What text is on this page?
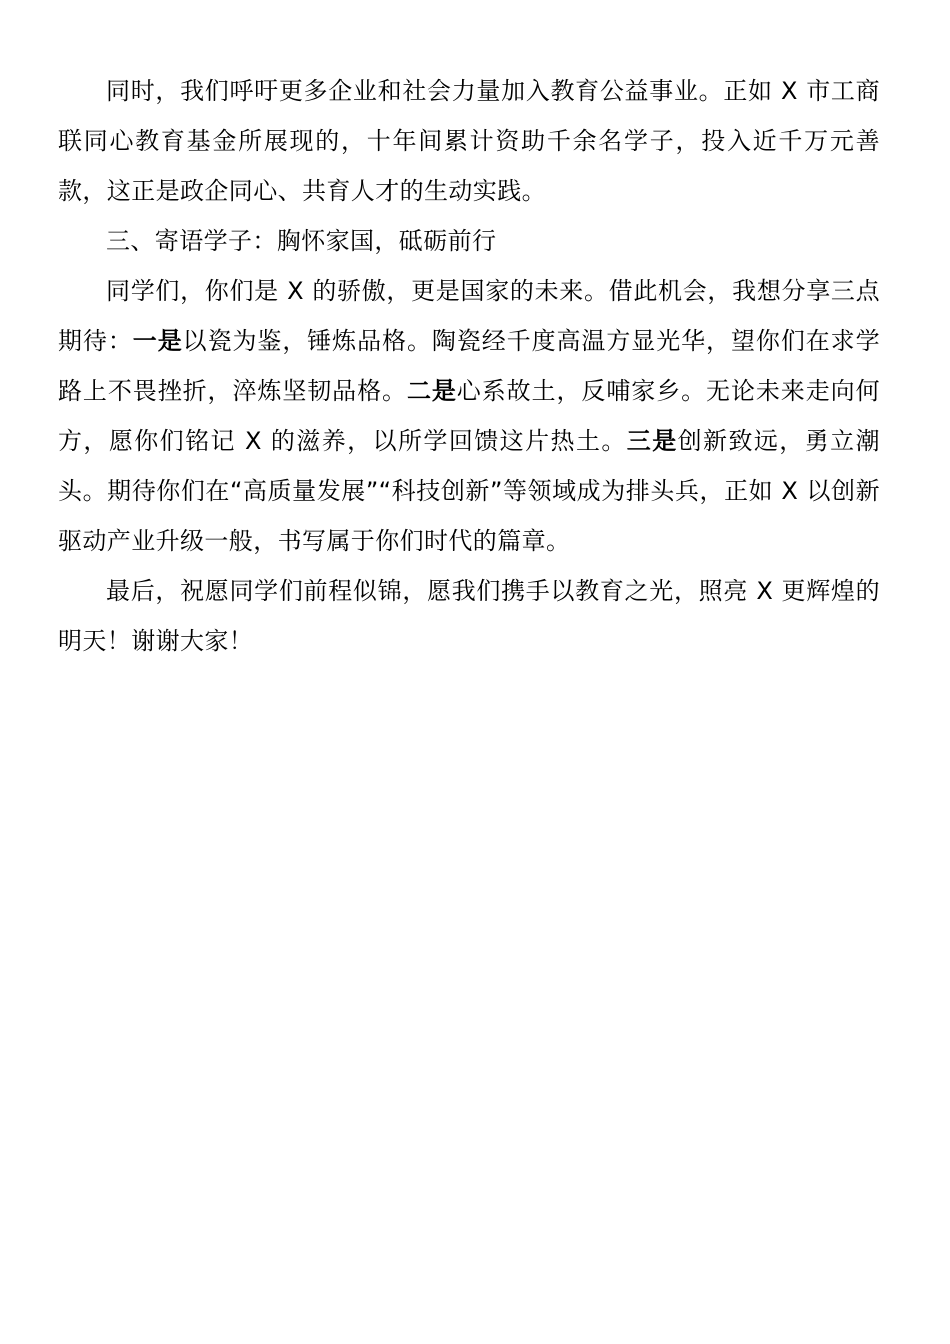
同时，我们呼吁更多企业和社会力量加入教育公益事业。正如 X 市工商联同心教育基金所展现的，十年间累计资助千余名学子，投入近千万元善款，这正是政企同心、共育人才的生动实践。

三、寄语学子：胸怀家国，砥砺前行

同学们，你们是 X 的骄傲，更是国家的未来。借此机会，我想分享三点期待：一是以瓷为鉴，锤炼品格。陶瓷经千度高温方显光华，望你们在求学路上不畏挫折，淬炼坚韧品格。二是心系故土，反哺家乡。无论未来走向何方，愿你们铭记 X 的滋养，以所学回馈这片热土。三是创新致远，勇立潮头。期待你们在“高质量发展”“科技创新”等领域成为排头兵，正如 X 以创新驱动产业升级一般，书写属于你们时代的篇章。

最后，祝愿同学们前程似锦，愿我们携手以教育之光，照亮 X 更辉煌的明天！谢谢大家！
